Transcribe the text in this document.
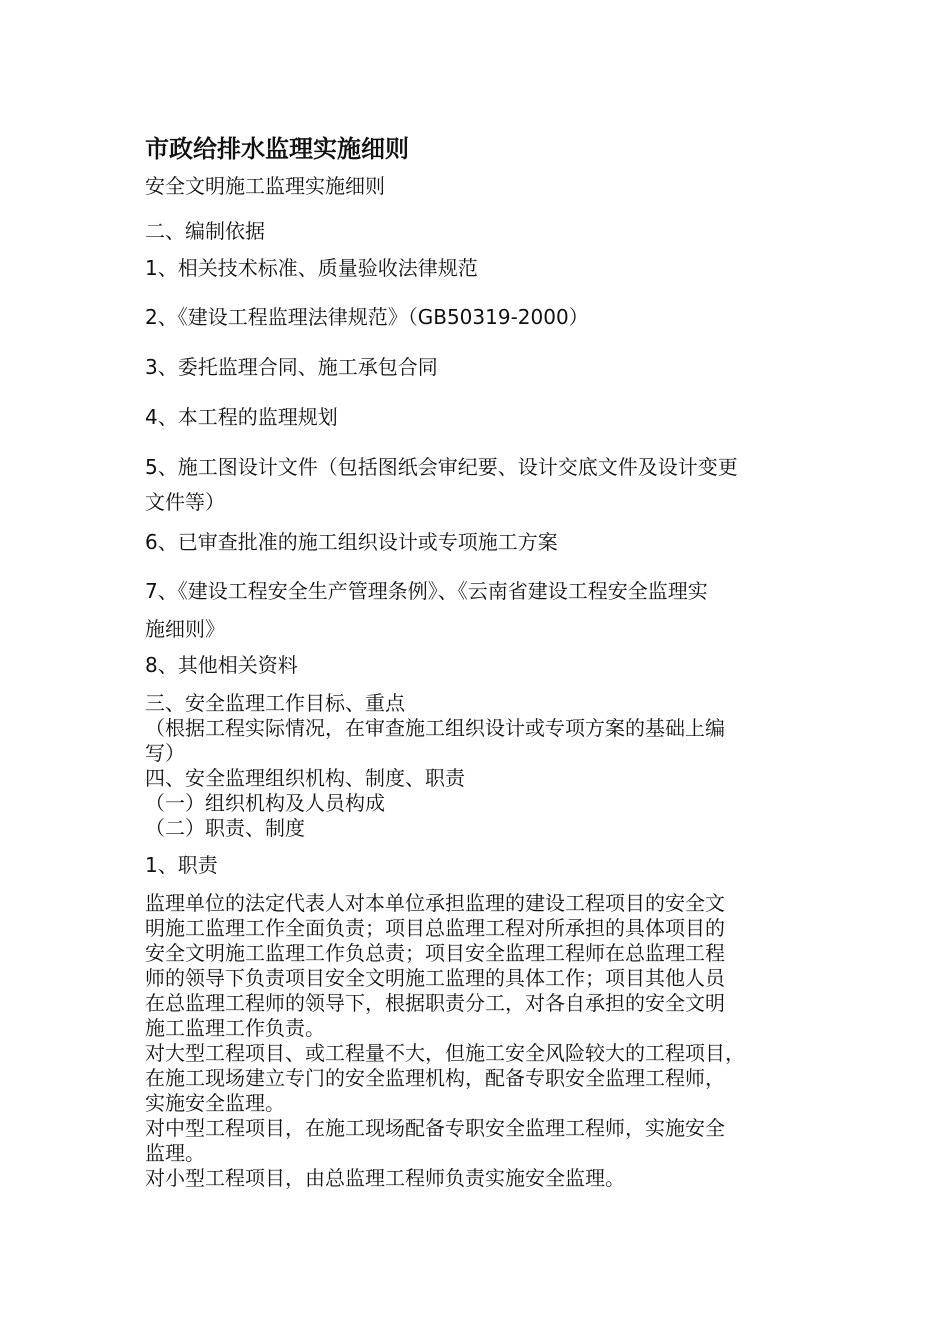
市政给排水监理实施细则
安全文明施工监理实施细则
二、编制依据
1、相关技术标准、质量验收法律规范
2、《建设工程监理法律规范》（GB50319-2000）
3、委托监理合同、施工承包合同
4、本工程的监理规划
5、施工图设计文件（包括图纸会审纪要、设计交底文件及设计变更
文件等）
6、已审查批准的施工组织设计或专项施工方案
7、《建设工程安全生产管理条例》、《云南省建设工程安全监理实
施细则》
8、其他相关资料
三、安全监理工作目标、重点
（根据工程实际情况，在审查施工组织设计或专项方案的基础上编
写）
四、安全监理组织机构、制度、职责
（一）组织机构及人员构成
（二）职责、制度
1、职责
监理单位的法定代表人对本单位承担监理的建设工程项目的安全文
明施工监理工作全面负责；项目总监理工程对所承担的具体项目的
安全文明施工监理工作负总责；项目安全监理工程师在总监理工程
师的领导下负责项目安全文明施工监理的具体工作；项目其他人员
在总监理工程师的领导下，根据职责分工，对各自承担的安全文明
施工监理工作负责。
对大型工程项目、或工程量不大，但施工安全风险较大的工程项目，
在施工现场建立专门的安全监理机构，配备专职安全监理工程师，
实施安全监理。
对中型工程项目，在施工现场配备专职安全监理工程师，实施安全
监理。
对小型工程项目，由总监理工程师负责实施安全监理。
